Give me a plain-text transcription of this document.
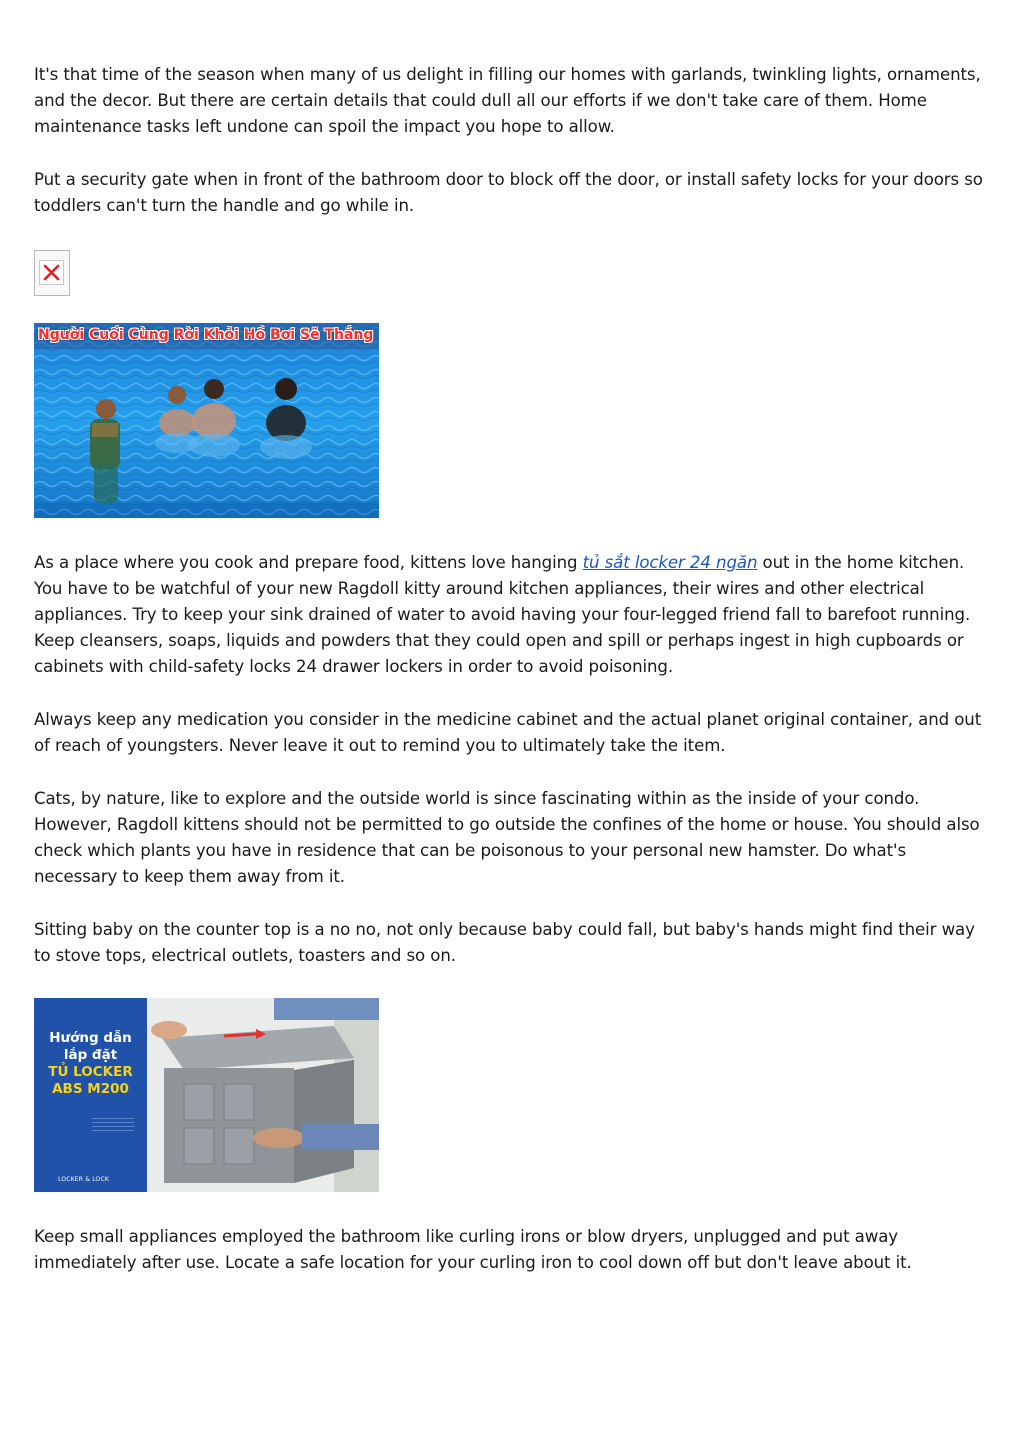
It's that time of the season when many of us delight in filling our homes with garlands, twinkling lights, ornaments, and the decor. But there are certain details that could dull all our efforts if we don't take care of them. Home maintenance tasks left undone can spoil the impact you hope to allow.

Put a security gate when in front of the bathroom door to block off the door, or install safety locks for your doors so toddlers can't turn the handle and go while in.

Người Cuối Cùng Rời Khỏi Hồ Bơi Sẽ Thắng

As a place where you cook and prepare food, kittens love hanging tủ sắt locker 24 ngăn out in the home kitchen. You have to be watchful of your new Ragdoll kitty around kitchen appliances, their wires and other electrical appliances. Try to keep your sink drained of water to avoid having your four-legged friend fall to barefoot running. Keep cleansers, soaps, liquids and powders that they could open and spill or perhaps ingest in high cupboards or cabinets with child-safety locks 24 drawer lockers in order to avoid poisoning.

Always keep any medication you consider in the medicine cabinet and the actual planet original container, and out of reach of youngsters. Never leave it out to remind you to ultimately take the item.

Cats, by nature, like to explore and the outside world is since fascinating within as the inside of your condo. However, Ragdoll kittens should not be permitted to go outside the confines of the home or house. You should also check which plants you have in residence that can be poisonous to your personal new hamster. Do what's necessary to keep them away from it.

Sitting baby on the counter top is a no no, not only because baby could fall, but baby's hands might find their way to stove tops, electrical outlets, toasters and so on.

Hướng dẫn
lắp đặt
TỦ LOCKER
ABS M200
LOCKER & LOCK

Keep small appliances employed the bathroom like curling irons or blow dryers, unplugged and put away immediately after use. Locate a safe location for your curling iron to cool down off but don't leave about it.
